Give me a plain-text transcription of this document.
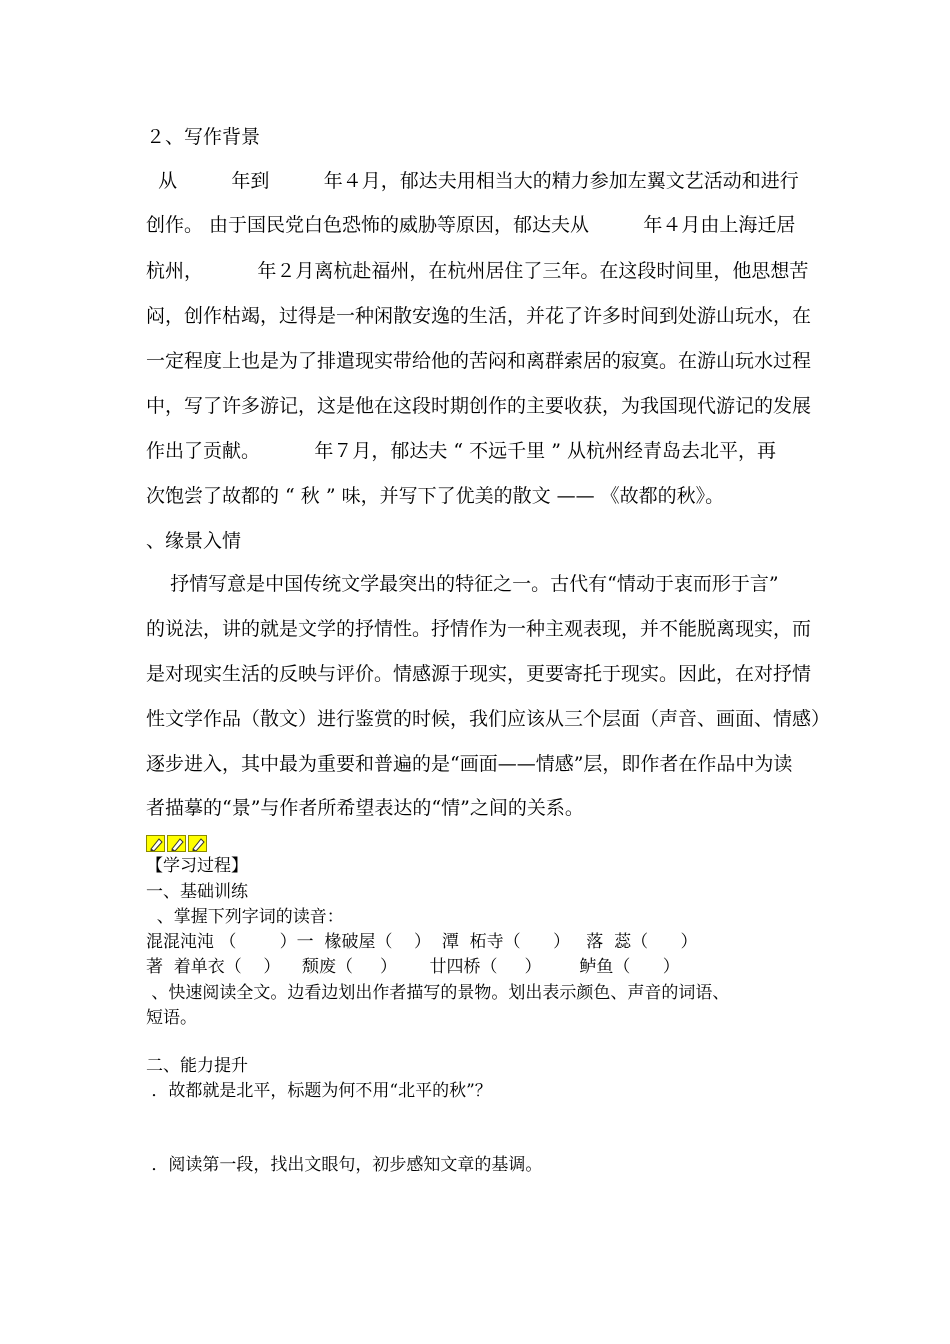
２、写作背景
从         年到         年４月，郁达夫用相当大的精力参加左翼文艺活动和进行
创作。 由于国民党白色恐怖的威胁等原因，郁达夫从         年４月由上海迁居
杭州，         年２月离杭赴福州，在杭州居住了三年。在这段时间里，他思想苦
闷，创作枯竭，过得是一种闲散安逸的生活，并花了许多时间到处游山玩水，在
一定程度上也是为了排遣现实带给他的苦闷和离群索居的寂寞。在游山玩水过程
中，写了许多游记，这是他在这段时期创作的主要收获，为我国现代游记的发展
作出了贡献。         年７月，郁达夫 “ 不远千里 ” 从杭州经青岛去北平，再
次饱尝了故都的 “ 秋 ” 味，并写下了优美的散文 —— 《故都的秋》。
、缘景入情
抒情写意是中国传统文学最突出的特征之一。古代有“情动于衷而形于言”
的说法，讲的就是文学的抒情性。抒情作为一种主观表现，并不能脱离现实，而
是对现实生活的反映与评价。情感源于现实，更要寄托于现实。因此，在对抒情
性文学作品（散文）进行鉴赏的时候，我们应该从三个层面（声音、画面、情感）
逐步进入，其中最为重要和普遍的是“画面——情感”层，即作者在作品中为读
者描摹的“景”与作者所希望表达的“情”之间的关系。
【学习过程】
一、基础训练
、掌握下列字词的读音：
混混沌沌 （        ）一  椽破屋（    ）  潭  柘寺（      ）   落  蕊（      ）
著  着单衣（    ）    颓废（     ）      廿四桥（     ）       鲈鱼（      ）
、快速阅读全文。边看边划出作者描写的景物。划出表示颜色、声音的词语、
短语。
二、能力提升
．故都就是北平，标题为何不用“北平的秋”？
．阅读第一段，找出文眼句，初步感知文章的基调。
